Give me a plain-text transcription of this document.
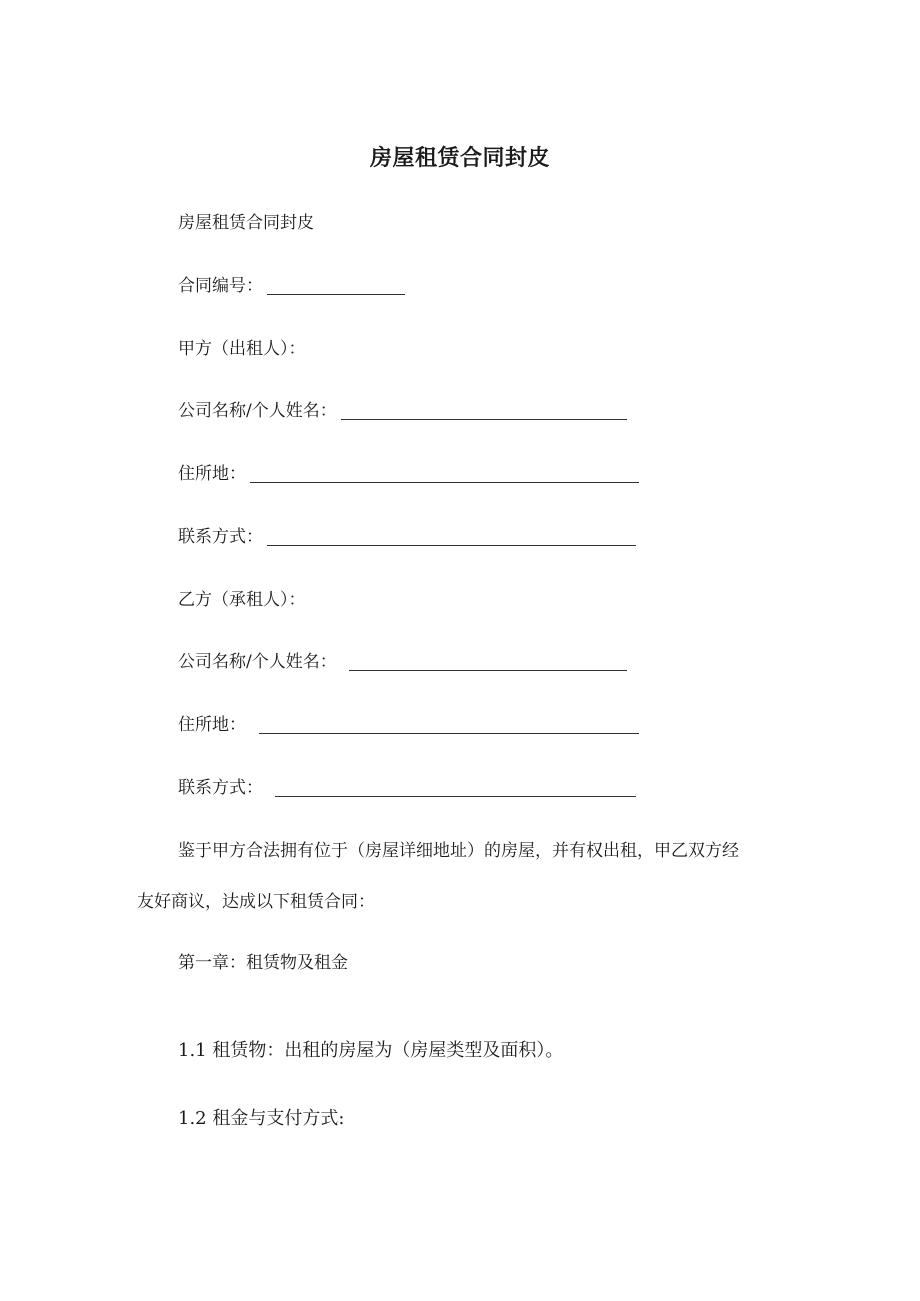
房屋租赁合同封皮
房屋租赁合同封皮
合同编号：
甲方（出租人）：
公司名称/个人姓名：
住所地：
联系方式：
乙方（承租人）：
公司名称/个人姓名：
住所地：
联系方式：
鉴于甲方合法拥有位于（房屋详细地址）的房屋，并有权出租，甲乙双方经
友好商议，达成以下租赁合同：
第一章：租赁物及租金
1.1 租赁物：出租的房屋为（房屋类型及面积）。
1.2 租金与支付方式:
